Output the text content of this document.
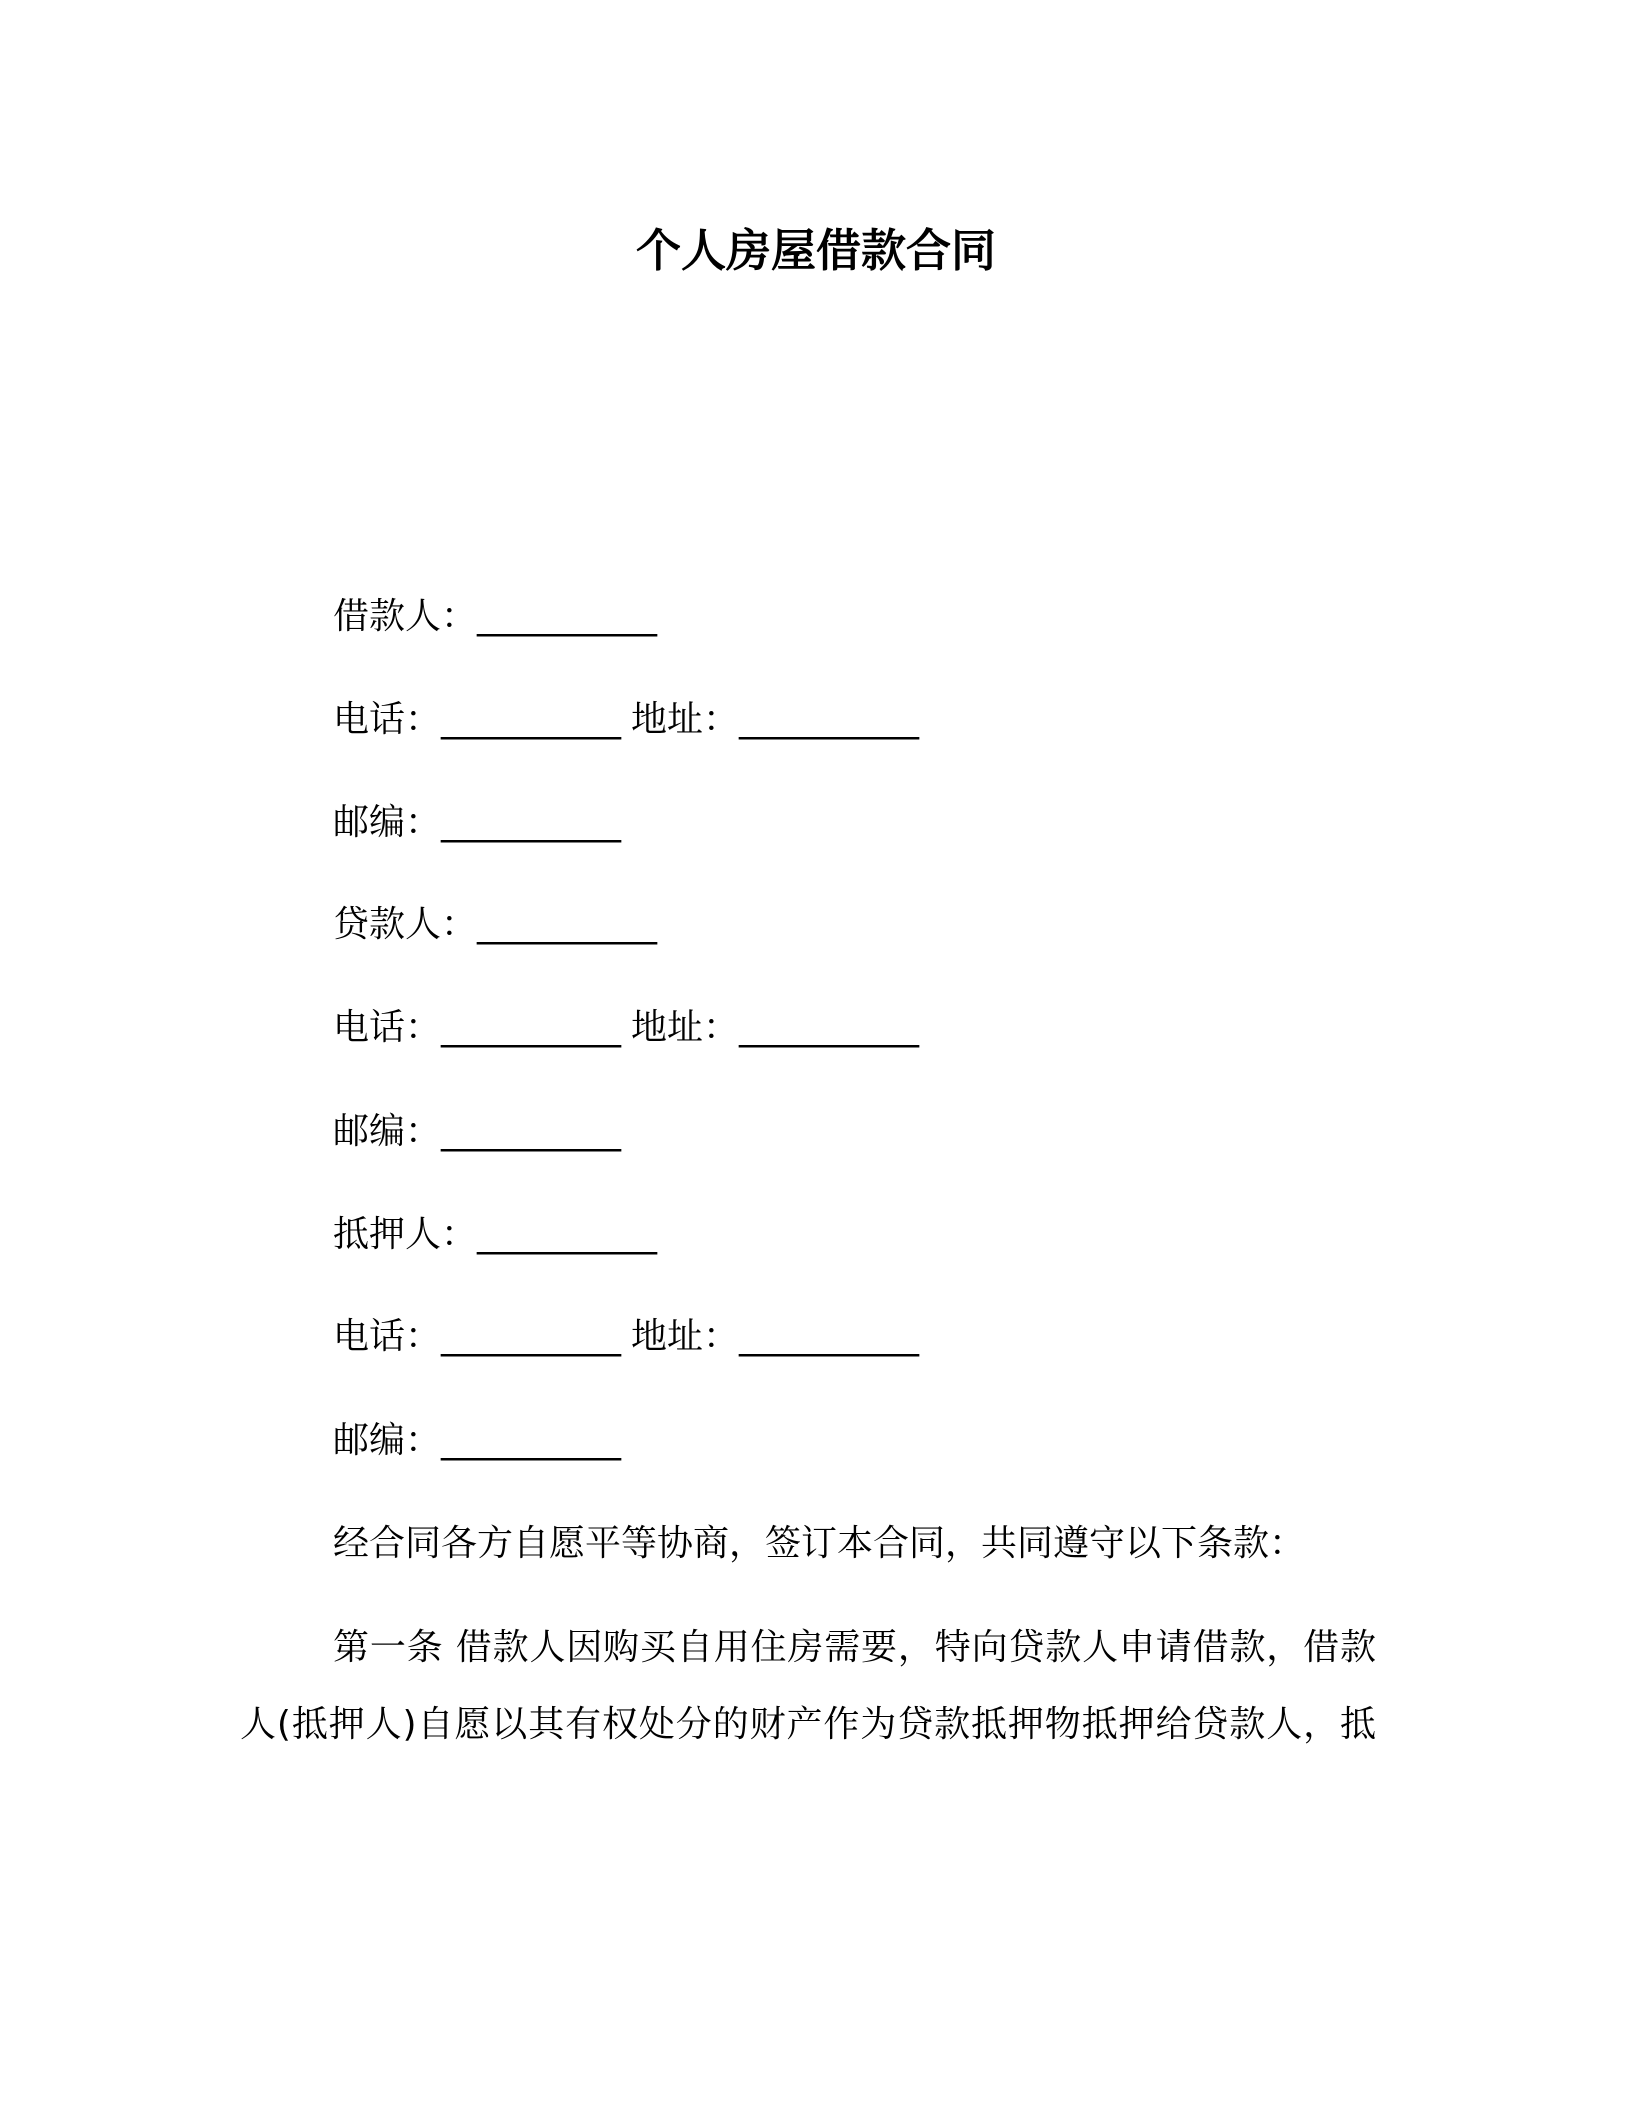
个人房屋借款合同
借款人：__________
电话：__________ 地址：__________
邮编：__________
贷款人：__________
电话：__________ 地址：__________
邮编：__________
抵押人：__________
电话：__________ 地址：__________
邮编：__________
经合同各方自愿平等协商，签订本合同，共同遵守以下条款：
第一条 借款人因购买自用住房需要，特向贷款人申请借款，借款
人(抵押人)自愿以其有权处分的财产作为贷款抵押物抵押给贷款人，抵
